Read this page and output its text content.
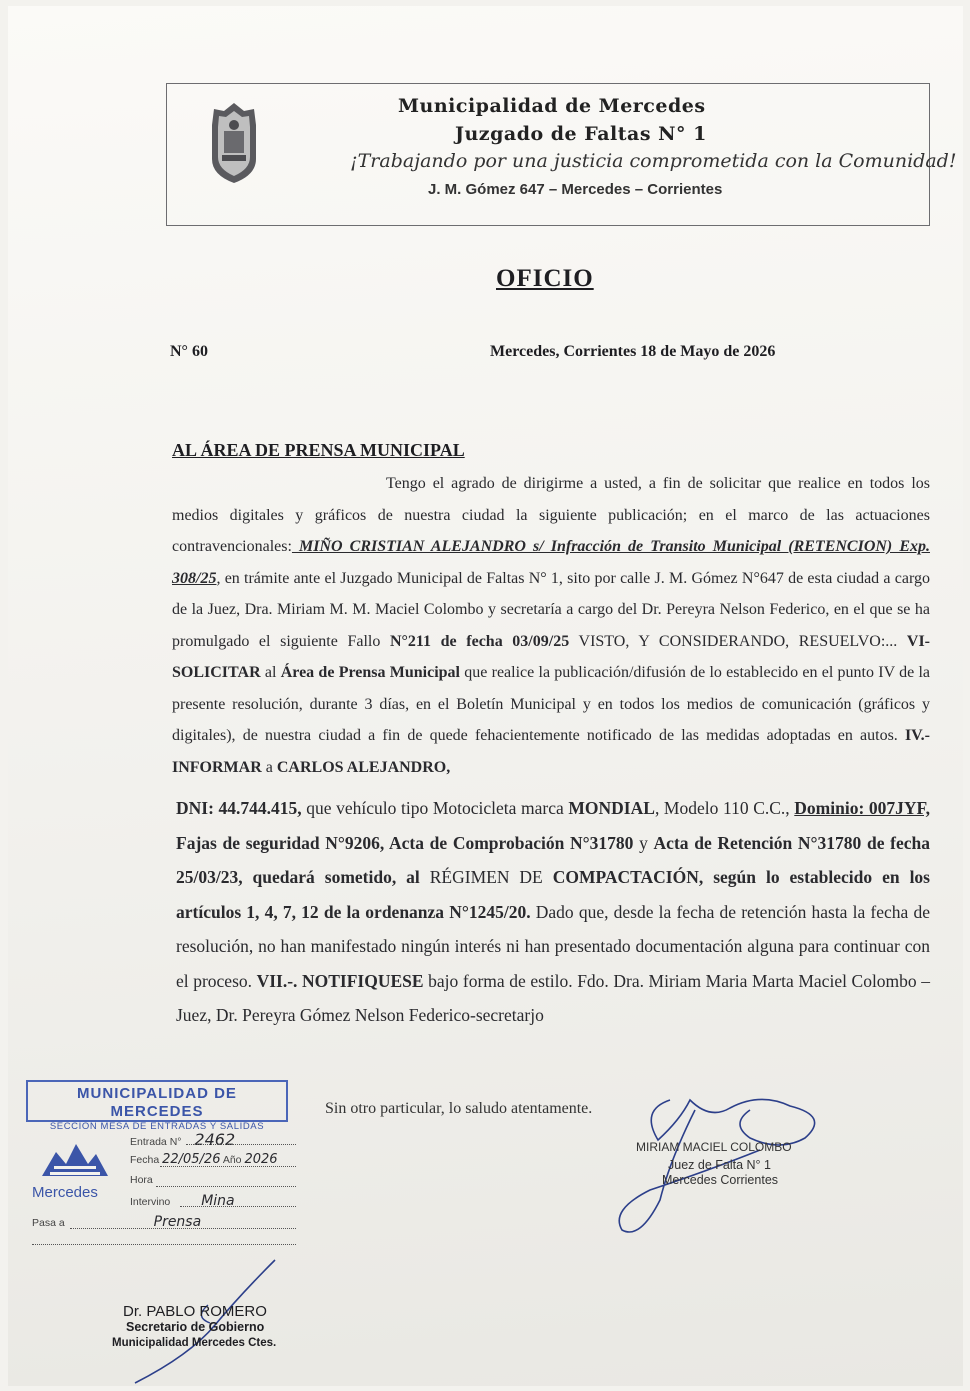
Municipalidad de Mercedes
Juzgado de Faltas N° 1
¡Trabajando por una justicia comprometida con la Comunidad!
J. M. Gómez 647 – Mercedes – Corrientes
OFICIO
N° 60	Mercedes, Corrientes 18 de Mayo de 2026
AL ÁREA DE PRENSA MUNICIPAL
Tengo el agrado de dirigirme a usted, a fin de solicitar que realice en todos los medios digitales y gráficos de nuestra ciudad la siguiente publicación; en el marco de las actuaciones contravencionales: MIÑO CRISTIAN ALEJANDRO s/ Infracción de Transito Municipal (RETENCION) Exp. 308/25, en trámite ante el Juzgado Municipal de Faltas N° 1, sito por calle J. M. Gómez N°647 de esta ciudad a cargo de la Juez, Dra. Miriam M. M. Maciel Colombo y secretaría a cargo del Dr. Pereyra Nelson Federico, en el que se ha promulgado el siguiente Fallo N°211 de fecha 03/09/25 VISTO, Y CONSIDERANDO, RESUELVO:... VI- SOLICITAR al Área de Prensa Municipal que realice la publicación/difusión de lo establecido en el punto IV de la presente resolución, durante 3 días, en el Boletín Municipal y en todos los medios de comunicación (gráficos y digitales), de nuestra ciudad a fin de quede fehacientemente notificado de las medidas adoptadas en autos. IV.- INFORMAR a CARLOS ALEJANDRO,
DNI: 44.744.415, que vehículo tipo Motocicleta marca MONDIAL, Modelo 110 C.C., Dominio: 007JYF, Fajas de seguridad N°9206, Acta de Comprobación N°31780 y Acta de Retención N°31780 de fecha 25/03/23, quedará sometido, al RÉGIMEN DE COMPACTACIÓN, según lo establecido en los artículos 1, 4, 7, 12 de la ordenanza N°1245/20. Dado que, desde la fecha de retención hasta la fecha de resolución, no han manifestado ningún interés ni han presentado documentación alguna para continuar con el proceso. VII.-. NOTIFIQUESE bajo forma de estilo. Fdo. Dra. Miriam Maria Marta Maciel Colombo – Juez, Dr. Pereyra Gómez Nelson Federico-secretarjo
Sin otro particular, lo saludo atentamente.
MUNICIPALIDAD DE MERCEDES
SECCION MESA DE ENTRADAS Y SALIDAS
Mercedes
Entrada N° 2462
Fecha 22/05/26 Año 2026
Hora
Intervino Mina
Pasa a	Prensa
MIRIAM MACIEL COLOMBO
Juez de Falta N° 1
Mercedes Corrientes
Dr. PABLO ROMERO
Secretario de Gobierno
Municipalidad Mercedes Ctes.
